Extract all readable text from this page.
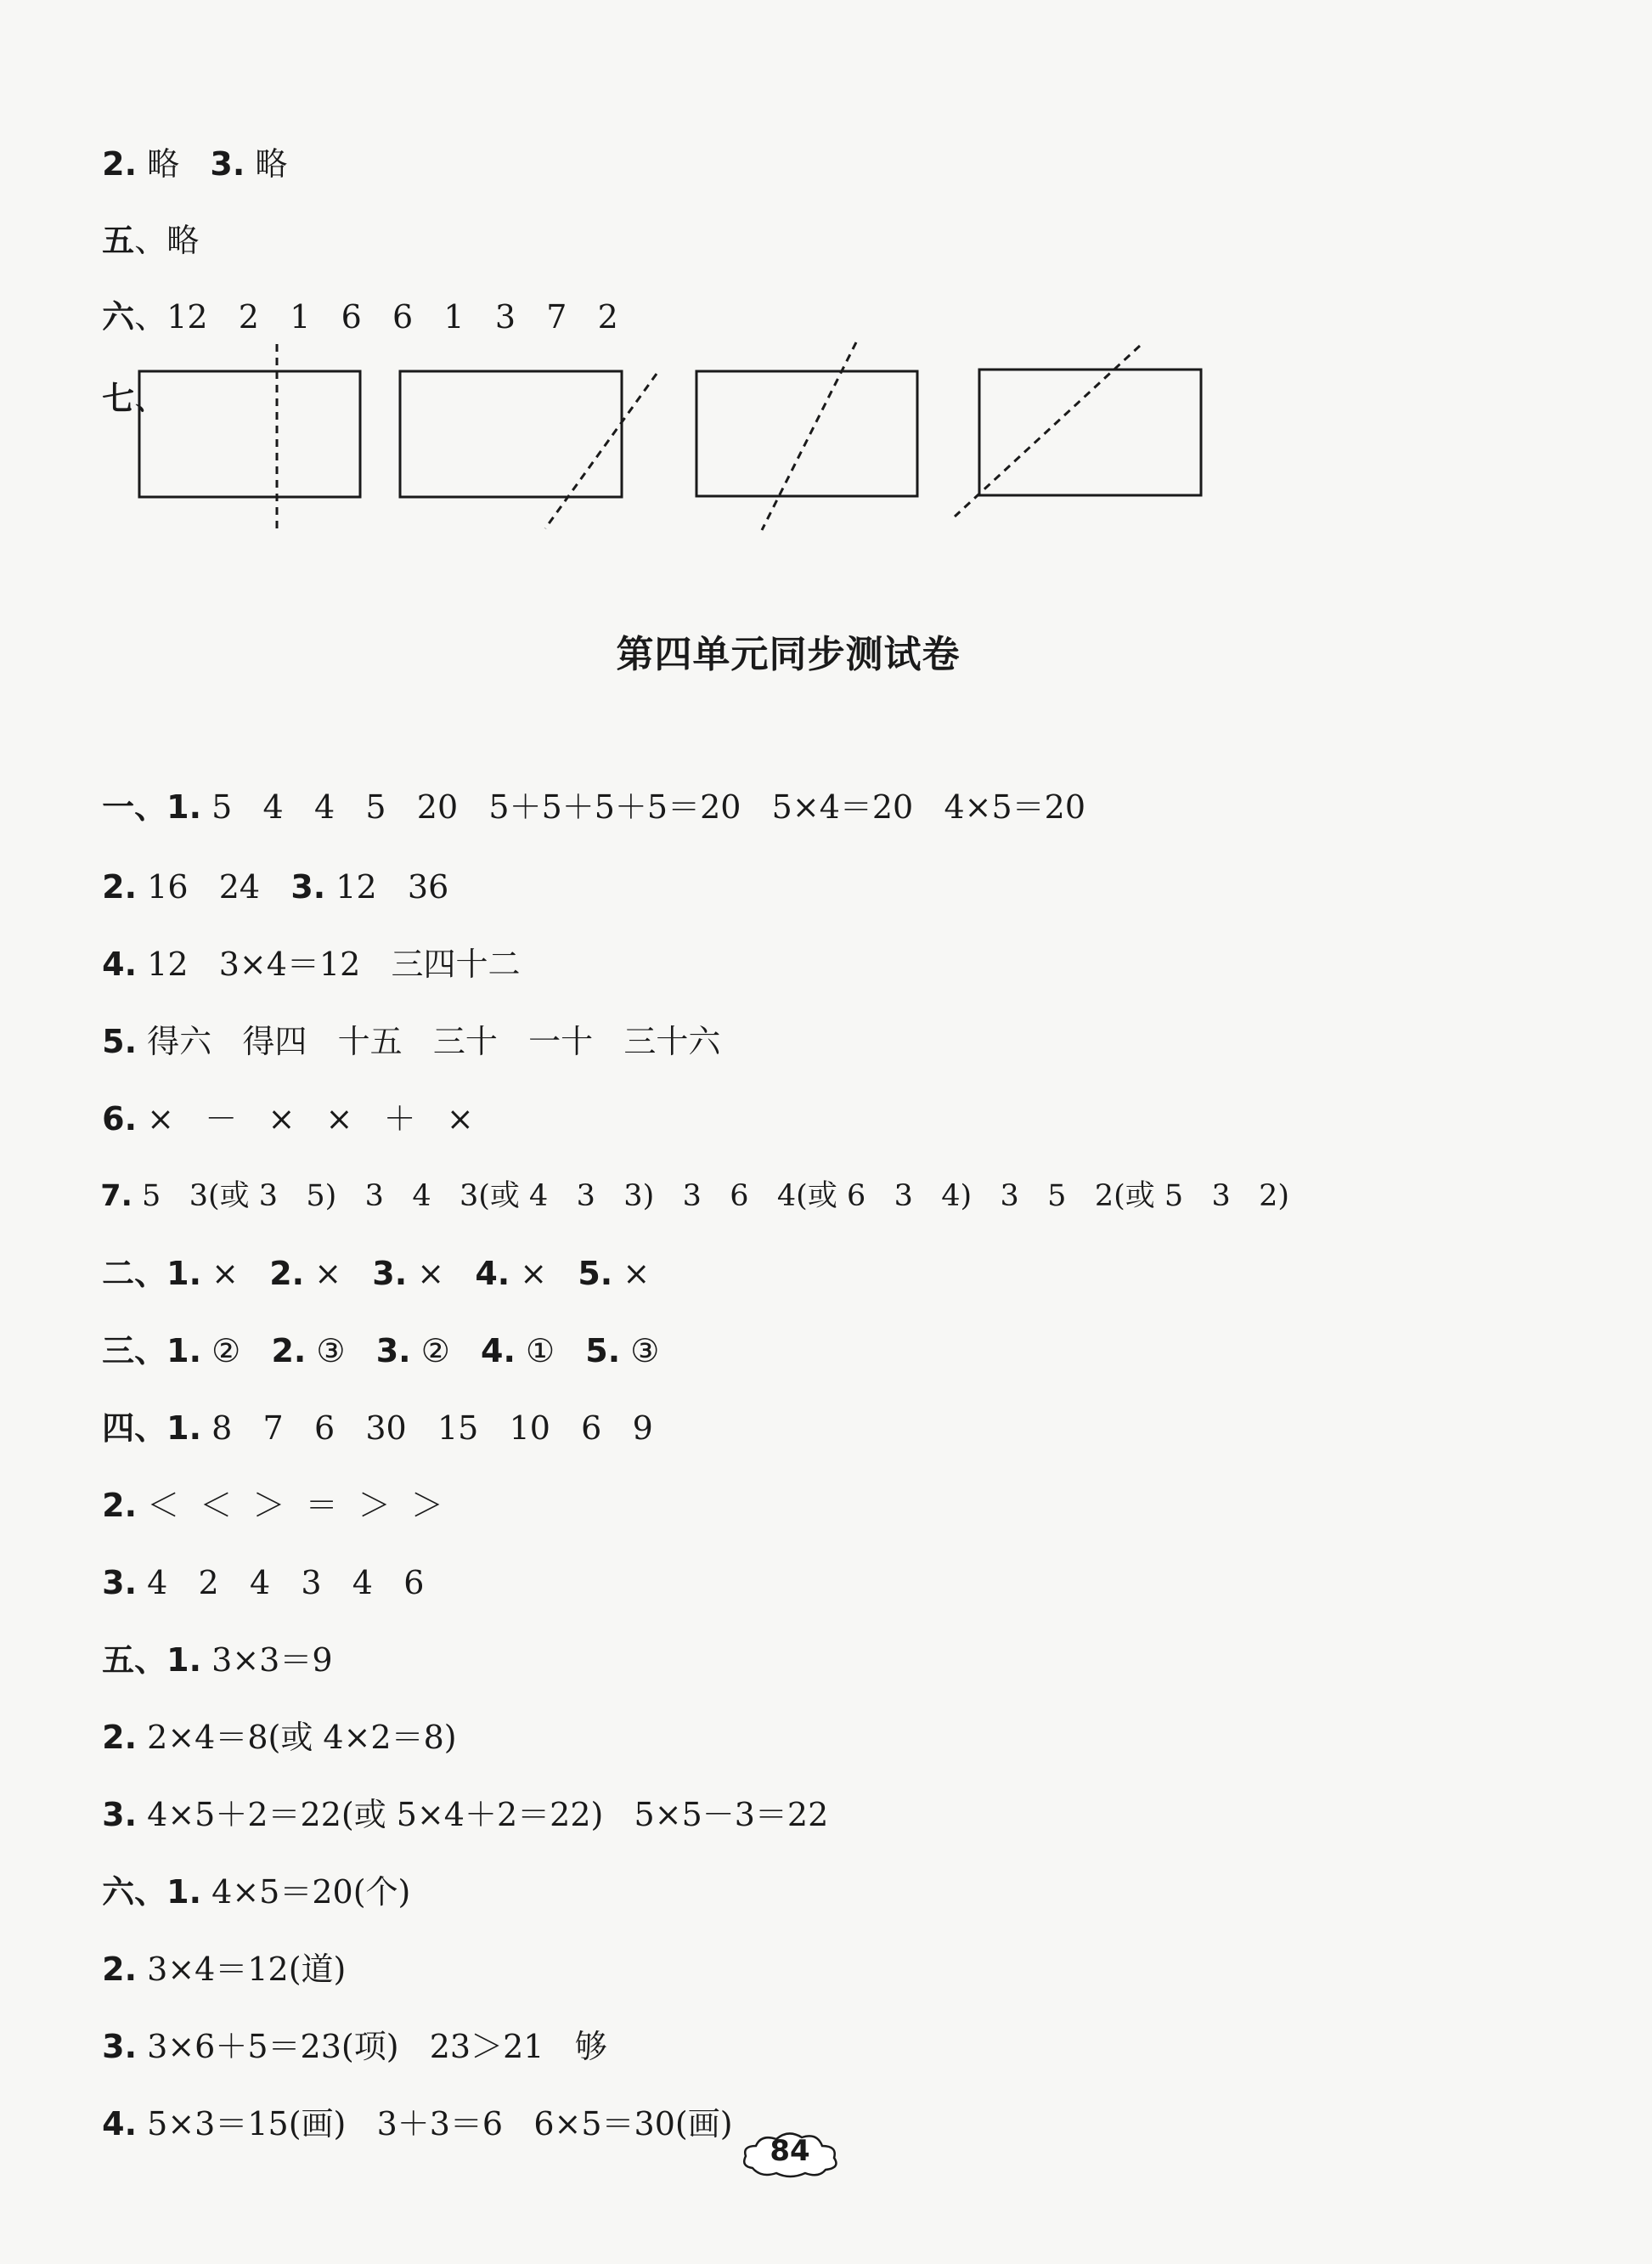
2. 略   3. 略

五、略

六、12   2   1   6   6   1   3   7   2

七、

第四单元同步测试卷

一、1. 5   4   4   5   20   5＋5＋5＋5＝20   5×4＝20   4×5＝20

2. 16   24   3. 12   36

4. 12   3×4＝12   三四十二

5. 得六   得四   十五   三十   一十   三十六

6. ×   －   ×   ×   ＋   ×

7. 5   3(或 3   5)   3   4   3(或 4   3   3)   3   6   4(或 6   3   4)   3   5   2(或 5   3   2)

二、1. ×   2. ×   3. ×   4. ×   5. ×

三、1. ②   2. ③   3. ②   4. ①   5. ③

四、1. 8   7   6   30   15   10   6   9

2. ＜  ＜  ＞  ＝  ＞  ＞

3. 4   2   4   3   4   6

五、1. 3×3＝9

2. 2×4＝8(或 4×2＝8)

3. 4×5＋2＝22(或 5×4＋2＝22)   5×5－3＝22

六、1. 4×5＝20(个)

2. 3×4＝12(道)

3. 3×6＋5＝23(项)   23＞21   够

4. 5×3＝15(画)   3＋3＝6   6×5＝30(画)

84
